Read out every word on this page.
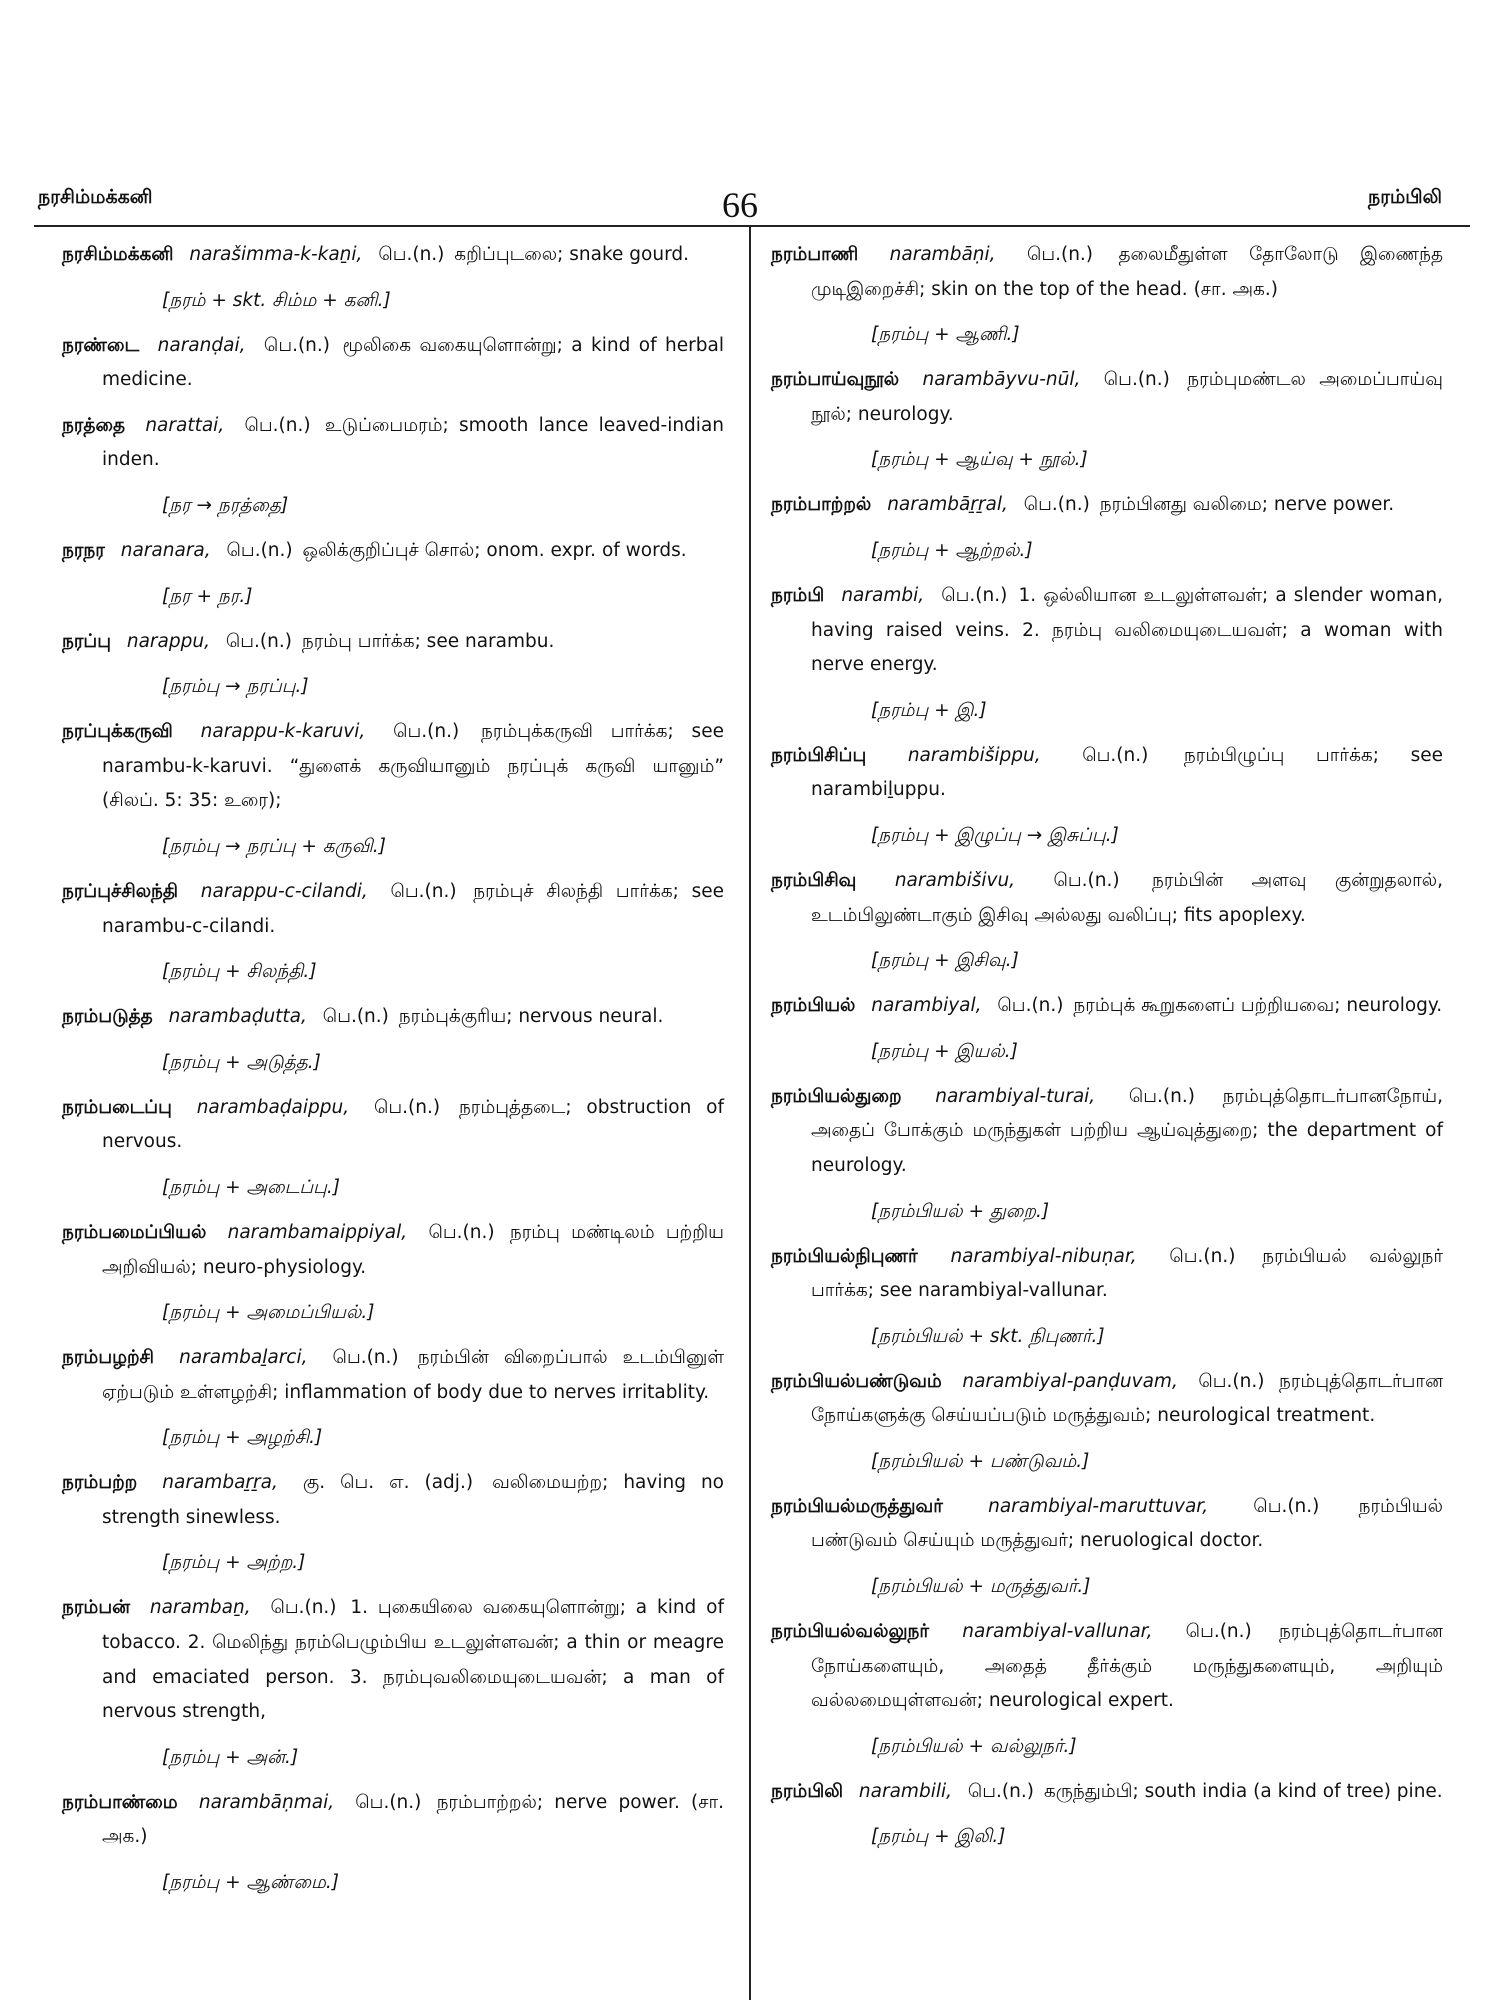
நரசிம்மக்கனி	66	நரம்பிலி

நரசிம்மக்கனி narašimma-k-kaṉi, பெ.(n.) கறிப்புடலை; snake gourd.

[நரம் + skt. சிம்ம + கனி.]

நரண்டை naranḍai, பெ.(n.) மூலிகை வகையுளொன்று; a kind of herbal medicine.

நரத்தை narattai, பெ.(n.) உடுப்பைமரம்; smooth lance leaved-indian inden.

[நர → நரத்தை]

நரநர naranara, பெ.(n.) ஒலிக்குறிப்புச் சொல்; onom. expr. of words.

[நர + நர.]

நரப்பு narappu, பெ.(n.) நரம்பு பார்க்க; see narambu.

[நரம்பு → நரப்பு.]

நரப்புக்கருவி narappu-k-karuvi, பெ.(n.) நரம்புக்கருவி பார்க்க; see narambu-k-karuvi. “துளைக் கருவியானும் நரப்புக் கருவி யானும்” (சிலப். 5: 35: உரை);

[நரம்பு → நரப்பு + கருவி.]

நரப்புச்சிலந்தி narappu-c-cilandi, பெ.(n.) நரம்புச் சிலந்தி பார்க்க; see narambu-c-cilandi.

[நரம்பு + சிலந்தி.]

நரம்படுத்த narambaḍutta, பெ.(n.) நரம்புக்குரிய; nervous neural.

[நரம்பு + அடுத்த.]

நரம்படைப்பு narambaḍaippu, பெ.(n.) நரம்புத்தடை; obstruction of nervous.

[நரம்பு + அடைப்பு.]

நரம்பமைப்பியல் narambamaippiyal, பெ.(n.) நரம்பு மண்டிலம் பற்றிய அறிவியல்; neuro-physiology.

[நரம்பு + அமைப்பியல்.]

நரம்பழற்சி narambaḻarci, பெ.(n.) நரம்பின் விறைப்பால் உடம்பினுள் ஏற்படும் உள்ளழற்சி; inflammation of body due to nerves irritablity.

[நரம்பு + அழற்சி.]

நரம்பற்ற narambaṟṟa, கு. பெ. எ. (adj.) வலிமையற்ற; having no strength sinewless.

[நரம்பு + அற்ற.]

நரம்பன் narambaṉ, பெ.(n.) 1. புகையிலை வகையுளொன்று; a kind of tobacco. 2. மெலிந்து நரம்பெழும்பிய உடலுள்ளவன்; a thin or meagre and emaciated person. 3. நரம்புவலிமையுடையவன்; a man of nervous strength,

[நரம்பு + அன்.]

நரம்பாண்மை narambāṇmai, பெ.(n.) நரம்பாற்றல்; nerve power. (சா. அக.)

[நரம்பு + ஆண்மை.]

நரம்பாணி narambāṇi, பெ.(n.) தலைமீதுள்ள தோலோடு இணைந்த முடிஇறைச்சி; skin on the top of the head. (சா. அக.)

[நரம்பு + ஆணி.]

நரம்பாய்வுநூல் narambāyvu-nūl, பெ.(n.) நரம்புமண்டல அமைப்பாய்வு நூல்; neurology.

[நரம்பு + ஆய்வு + நூல்.]

நரம்பாற்றல் narambāṟṟal, பெ.(n.) நரம்பினது வலிமை; nerve power.

[நரம்பு + ஆற்றல்.]

நரம்பி narambi, பெ.(n.) 1. ஒல்லியான உடலுள்ளவள்; a slender woman, having raised veins. 2. நரம்பு வலிமையுடையவள்; a woman with nerve energy.

[நரம்பு + இ.]

நரம்பிசிப்பு narambišippu, பெ.(n.) நரம்பிழுப்பு பார்க்க; see narambiḻuppu.

[நரம்பு + இழுப்பு → இசுப்பு.]

நரம்பிசிவு narambišivu, பெ.(n.) நரம்பின் அளவு குன்றுதலால், உடம்பிலுண்டாகும் இசிவு அல்லது வலிப்பு; fits apoplexy.

[நரம்பு + இசிவு.]

நரம்பியல் narambiyal, பெ.(n.) நரம்புக் கூறுகளைப் பற்றியவை; neurology.

[நரம்பு + இயல்.]

நரம்பியல்துறை narambiyal-turai, பெ.(n.) நரம்புத்தொடர்பானநோய், அதைப் போக்கும் மருந்துகள் பற்றிய ஆய்வுத்துறை; the department of neurology.

[நரம்பியல் + துறை.]

நரம்பியல்நிபுணர் narambiyal-nibuṇar, பெ.(n.) நரம்பியல் வல்லுநர் பார்க்க; see narambiyal-vallunar.

[நரம்பியல் + skt. நிபுணர்.]

நரம்பியல்பண்டுவம் narambiyal-panḍuvam, பெ.(n.) நரம்புத்தொடர்பான நோய்களுக்கு செய்யப்படும் மருத்துவம்; neurological treatment.

[நரம்பியல் + பண்டுவம்.]

நரம்பியல்மருத்துவர் narambiyal-maruttuvar, பெ.(n.) நரம்பியல் பண்டுவம் செய்யும் மருத்துவர்; neruological doctor.

[நரம்பியல் + மருத்துவர்.]

நரம்பியல்வல்லுநர் narambiyal-vallunar, பெ.(n.) நரம்புத்தொடர்பான நோய்களையும், அதைத் தீர்க்கும் மருந்துகளையும், அறியும் வல்லமையுள்ளவன்; neurological expert.

[நரம்பியல் + வல்லுநர்.]

நரம்பிலி narambili, பெ.(n.) கருந்தும்பி; south india (a kind of tree) pine.

[நரம்பு + இலி.]
